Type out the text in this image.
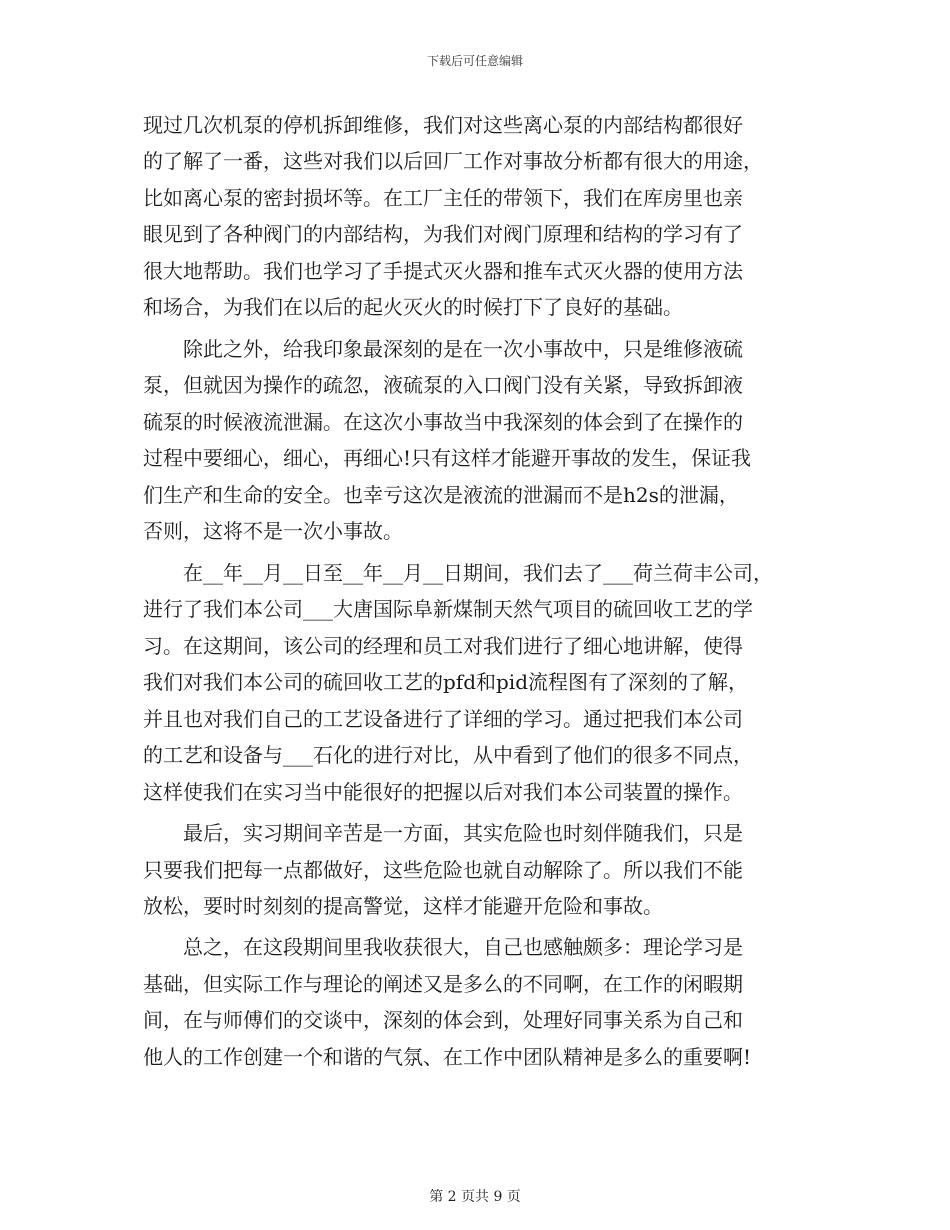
下载后可任意编辑
现过几次机泵的停机拆卸维修，我们对这些离心泵的内部结构都很好
的了解了一番，这些对我们以后回厂工作对事故分析都有很大的用途，
比如离心泵的密封损坏等。在工厂主任的带领下，我们在库房里也亲
眼见到了各种阀门的内部结构，为我们对阀门原理和结构的学习有了
很大地帮助。我们也学习了手提式灭火器和推车式灭火器的使用方法
和场合，为我们在以后的起火灭火的时候打下了良好的基础。
　　除此之外，给我印象最深刻的是在一次小事故中，只是维修液硫
泵，但就因为操作的疏忽，液硫泵的入口阀门没有关紧，导致拆卸液
硫泵的时候液流泄漏。在这次小事故当中我深刻的体会到了在操作的
过程中要细心，细心，再细心!只有这样才能避开事故的发生，保证我
们生产和生命的安全。也幸亏这次是液流的泄漏而不是h2s的泄漏，
否则，这将不是一次小事故。
　　在__年__月__日至__年__月__日期间，我们去了___荷兰荷丰公司，
进行了我们本公司___大唐国际阜新煤制天然气项目的硫回收工艺的学
习。在这期间，该公司的经理和员工对我们进行了细心地讲解，使得
我们对我们本公司的硫回收工艺的pfd和pid流程图有了深刻的了解，
并且也对我们自己的工艺设备进行了详细的学习。通过把我们本公司
的工艺和设备与___石化的进行对比，从中看到了他们的很多不同点，
这样使我们在实习当中能很好的把握以后对我们本公司装置的操作。
　　最后，实习期间辛苦是一方面，其实危险也时刻伴随我们，只是
只要我们把每一点都做好，这些危险也就自动解除了。所以我们不能
放松，要时时刻刻的提高警觉，这样才能避开危险和事故。
　　总之，在这段期间里我收获很大，自己也感触颇多：理论学习是
基础，但实际工作与理论的阐述又是多么的不同啊，在工作的闲暇期
间，在与师傅们的交谈中，深刻的体会到，处理好同事关系为自己和
他人的工作创建一个和谐的气氛、在工作中团队精神是多么的重要啊!
第 2 页共 9 页
